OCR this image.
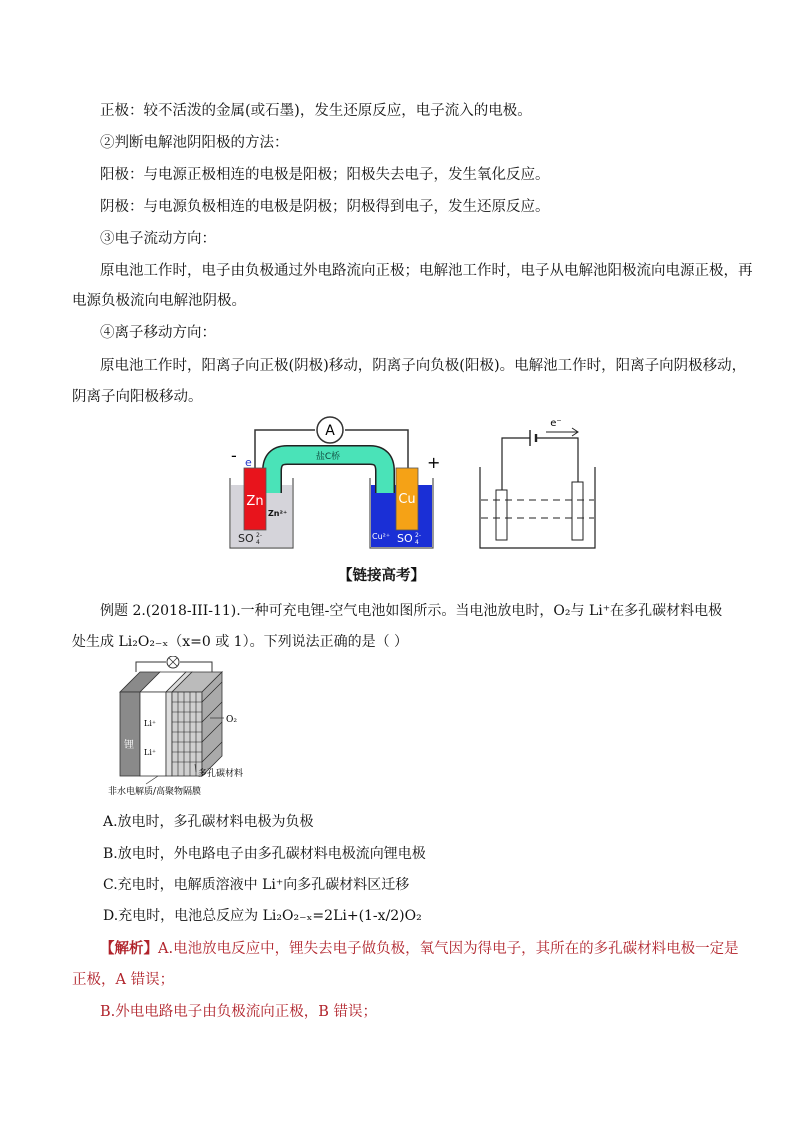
正极：较不活泼的金属(或石墨)，发生还原反应，电子流入的电极。
②判断电解池阴阳极的方法：
阳极：与电源正极相连的电极是阳极；阳极失去电子，发生氧化反应。
阴极：与电源负极相连的电极是阴极；阴极得到电子，发生还原反应。
③电子流动方向：
原电池工作时，电子由负极通过外电路流向正极；电解池工作时，电子从电解池阳极流向电源正极，再
电源负极流向电解池阴极。
④离子移动方向：
原电池工作时，阳离子向正极(阴极)移动，阴离子向负极(阳极)。电解池工作时，阳离子向阴极移动，
阴离子向阳极移动。
A
盐C桥
Zn	Cu
-	+
e
Zn²⁺
SO 2-
4
Cu²⁺ SO 2-
4
e⁻
【链接高考】
例题 2.(2018-III-11).一种可充电锂-空气电池如图所示。当电池放电时，O₂与 Li⁺在多孔碳材料电极
处生成 Li₂O₂₋ₓ（x=0 或 1）。下列说法正确的是（ ）
锂
Li⁺
Li⁺
O₂
多孔碳材料
非水电解质/高聚物隔膜
A.放电时，多孔碳材料电极为负极
B.放电时，外电路电子由多孔碳材料电极流向锂电极
C.充电时，电解质溶液中 Li⁺向多孔碳材料区迁移
D.充电时，电池总反应为 Li₂O₂₋ₓ=2Li+(1-x/2)O₂
【解析】A.电池放电反应中，锂失去电子做负极，氧气因为得电子，其所在的多孔碳材料电极一定是
正极，A 错误；
B.外电电路电子由负极流向正极，B 错误；
